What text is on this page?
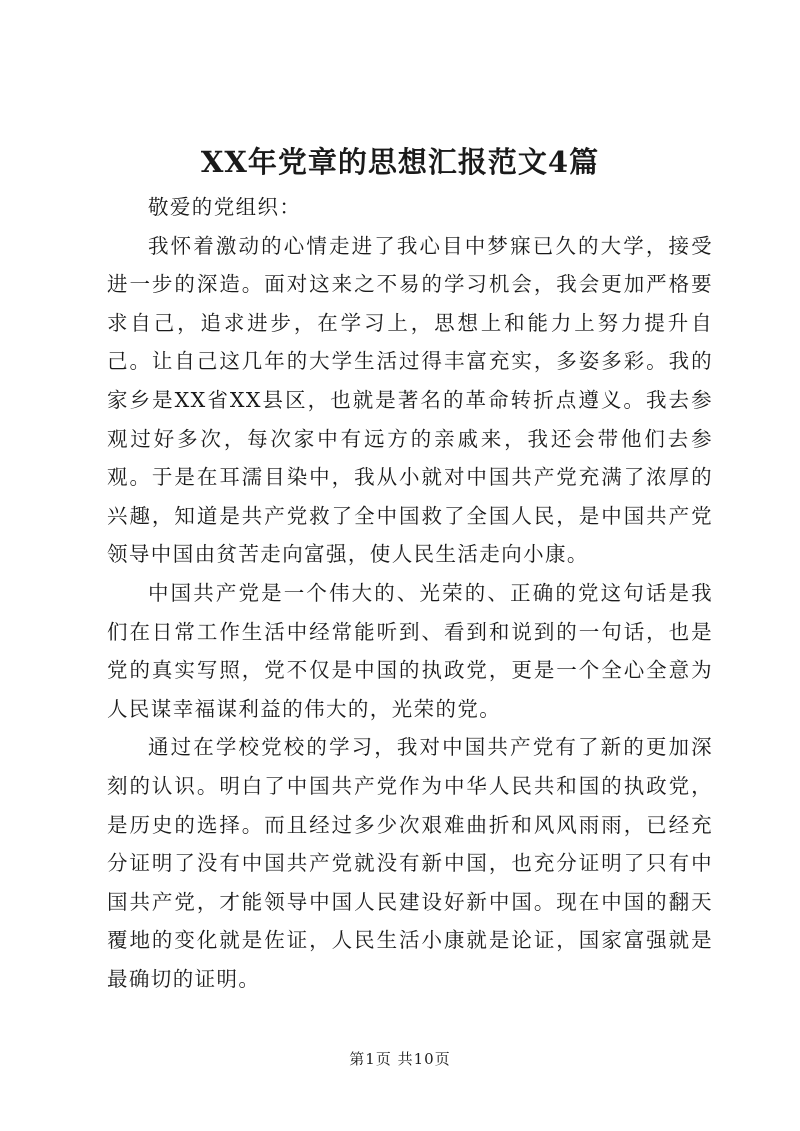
XX年党章的思想汇报范文4篇

敬爱的党组织：

我怀着激动的心情走进了我心目中梦寐已久的大学，接受进一步的深造。面对这来之不易的学习机会，我会更加严格要求自己，追求进步，在学习上，思想上和能力上努力提升自己。让自己这几年的大学生活过得丰富充实，多姿多彩。我的家乡是XX省XX县区，也就是著名的革命转折点遵义。我去参观过好多次，每次家中有远方的亲戚来，我还会带他们去参观。于是在耳濡目染中，我从小就对中国共产党充满了浓厚的兴趣，知道是共产党救了全中国救了全国人民，是中国共产党领导中国由贫苦走向富强，使人民生活走向小康。

中国共产党是一个伟大的、光荣的、正确的党这句话是我们在日常工作生活中经常能听到、看到和说到的一句话，也是党的真实写照，党不仅是中国的执政党，更是一个全心全意为人民谋幸福谋利益的伟大的，光荣的党。

通过在学校党校的学习，我对中国共产党有了新的更加深刻的认识。明白了中国共产党作为中华人民共和国的执政党，是历史的选择。而且经过多少次艰难曲折和风风雨雨，已经充分证明了没有中国共产党就没有新中国，也充分证明了只有中国共产党，才能领导中国人民建设好新中国。现在中国的翻天覆地的变化就是佐证，人民生活小康就是论证，国家富强就是最确切的证明。

第1页 共10页
